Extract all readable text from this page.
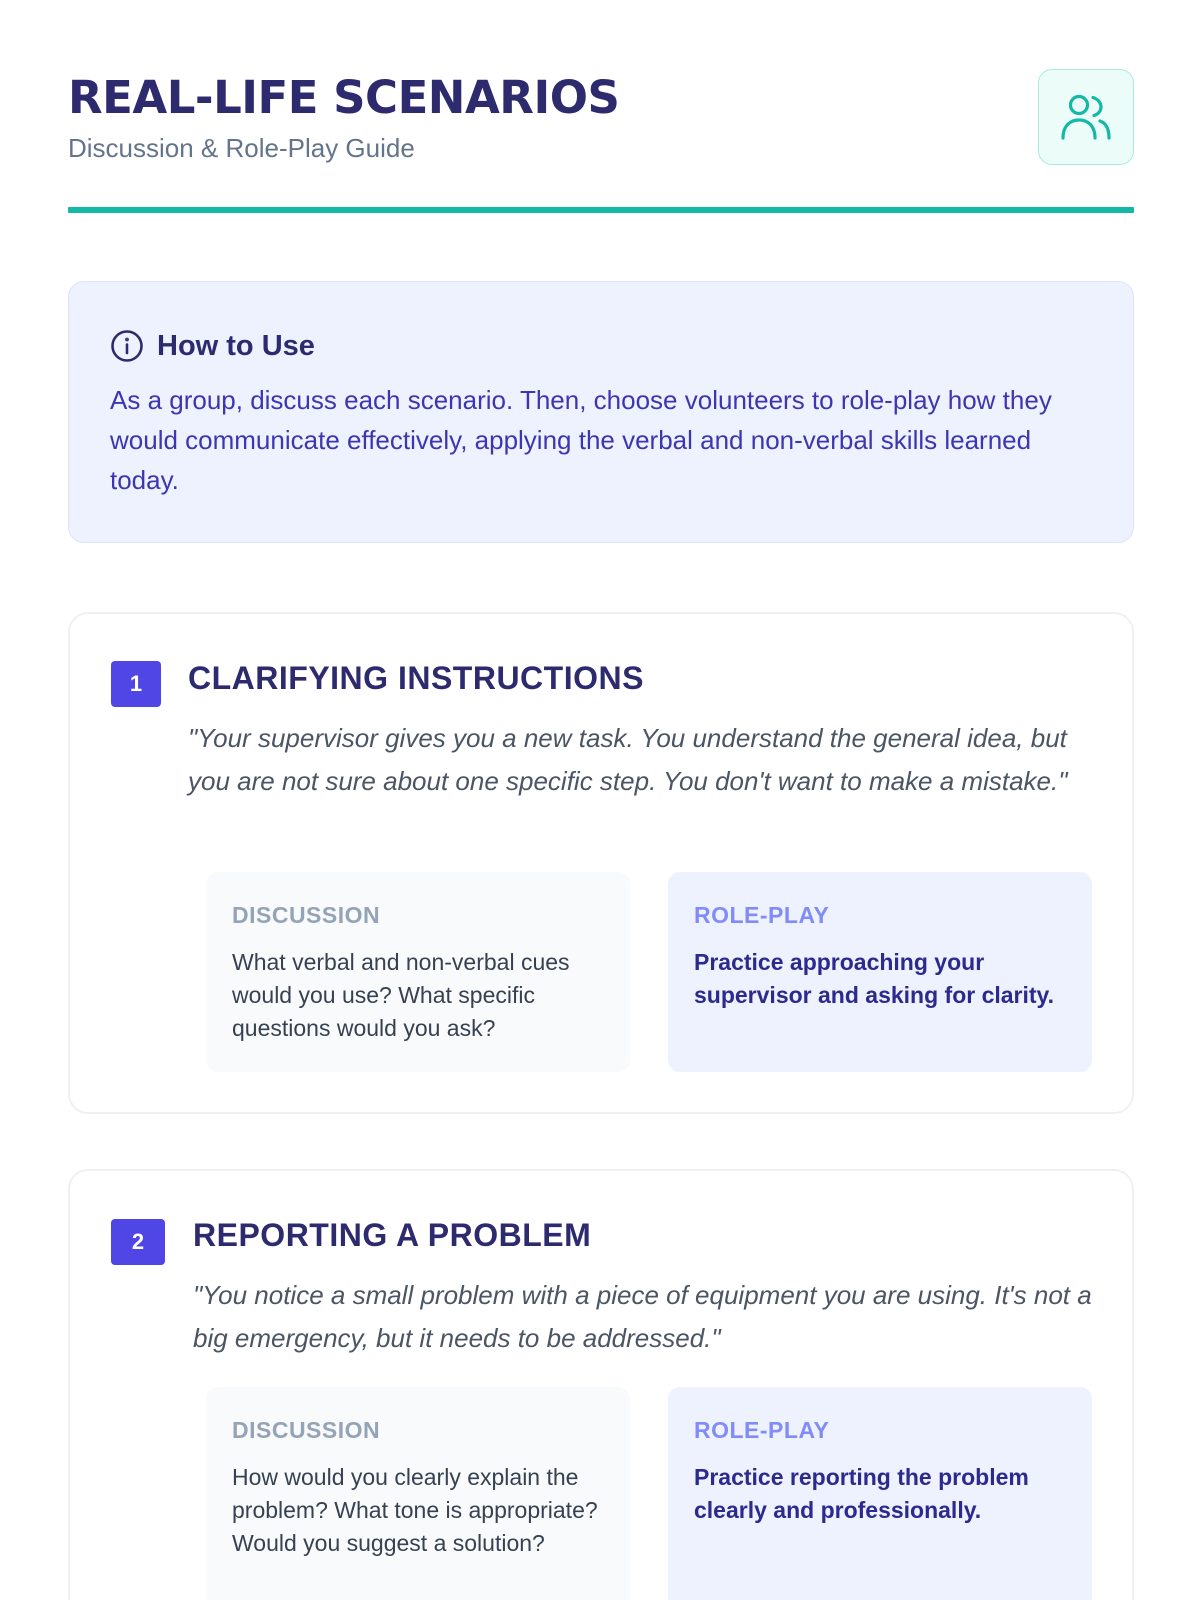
REAL-LIFE SCENARIOS
Discussion & Role-Play Guide
How to Use

As a group, discuss each scenario. Then, choose volunteers to role-play how they would communicate effectively, applying the verbal and non-verbal skills learned today.

1	CLARIFYING INSTRUCTIONS

"Your supervisor gives you a new task. You understand the general idea, but you are not sure about one specific step. You don't want to make a mistake."

DISCUSSION

What verbal and non-verbal cues would you use? What specific questions would you ask?

ROLE-PLAY

Practice approaching your supervisor and asking for clarity.

2	REPORTING A PROBLEM

"You notice a small problem with a piece of equipment you are using. It's not a big emergency, but it needs to be addressed."

DISCUSSION

How would you clearly explain the problem? What tone is appropriate? Would you suggest a solution?

ROLE-PLAY

Practice reporting the problem clearly and professionally.
